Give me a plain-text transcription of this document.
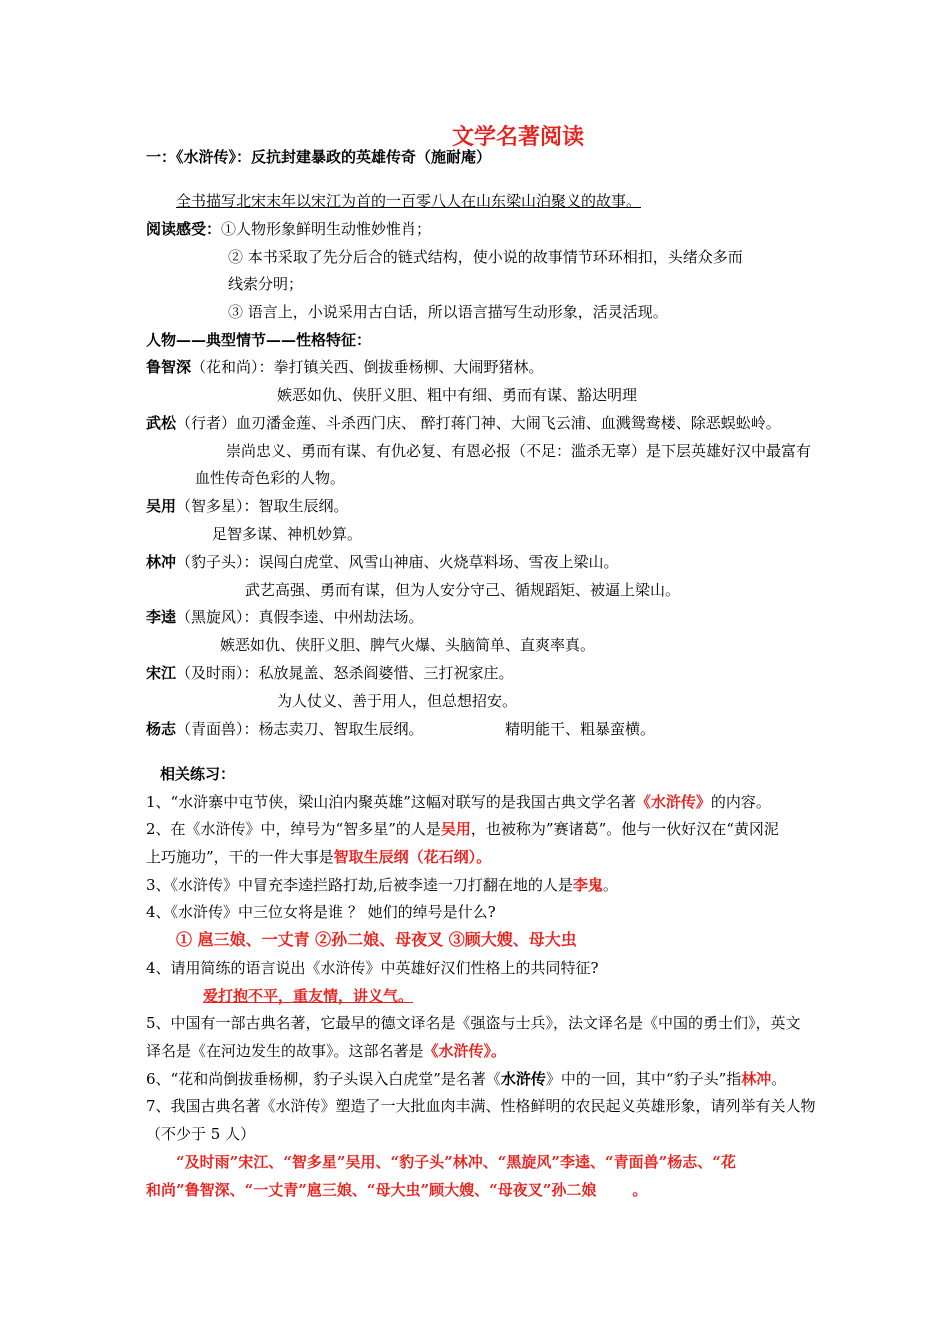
文学名著阅读
一：《水浒传》：反抗封建暴政的英雄传奇（施耐庵）
全书描写北宋末年以宋江为首的一百零八人在山东梁山泊聚义的故事。
阅读感受：①人物形象鲜明生动惟妙惟肖；
② 本书采取了先分后合的链式结构，使小说的故事情节环环相扣，头绪众多而
线索分明；
③ 语言上，小说采用古白话，所以语言描写生动形象，活灵活现。
人物——典型情节——性格特征：
鲁智深（花和尚）：拳打镇关西、倒拔垂杨柳、大闹野猪林。
嫉恶如仇、侠肝义胆、粗中有细、勇而有谋、豁达明理
武松（行者）血刃潘金莲、斗杀西门庆、 醉打蒋门神、大闹飞云浦、血溅鸳鸯楼、除恶蜈蚣岭。
崇尚忠义、勇而有谋、有仇必复、有恩必报（不足：滥杀无辜）是下层英雄好汉中最富有
血性传奇色彩的人物。
吴用（智多星）：智取生辰纲。
足智多谋、神机妙算。
林冲（豹子头）：误闯白虎堂、风雪山神庙、火烧草料场、雪夜上梁山。
武艺高强、勇而有谋，但为人安分守己、循规蹈矩、被逼上梁山。
李逵（黑旋风）：真假李逵、中州劫法场。
嫉恶如仇、侠肝义胆、脾气火爆、头脑简单、直爽率真。
宋江（及时雨）：私放晁盖、怒杀阎婆惜、三打祝家庄。
为人仗义、善于用人，但总想招安。
杨志（青面兽）：杨志卖刀、智取生辰纲。	精明能干、粗暴蛮横。
相关练习：
1、“水浒寨中屯节侠，梁山泊内聚英雄”这幅对联写的是我国古典文学名著《水浒传》的内容。
2、在《水浒传》中，绰号为“智多星”的人是吴用，也被称为”赛诸葛”。他与一伙好汉在“黄冈泥
上巧施功”，干的一件大事是智取生辰纲（花石纲）。
3、《水浒传》中冒充李逵拦路打劫,后被李逵一刀打翻在地的人是李鬼。
4、《水浒传》中三位女将是谁 ？ 她们的绰号是什么?
① 扈三娘、一丈青 ②孙二娘、母夜叉 ③顾大嫂、母大虫
4、请用简练的语言说出《水浒传》中英雄好汉们性格上的共同特征?
爱打抱不平，重友情，讲义气。
5、中国有一部古典名著，它最早的德文译名是《强盗与士兵》，法文译名是《中国的勇士们》，英文
译名是《在河边发生的故事》。这部名著是《水浒传》。
6、“花和尚倒拔垂杨柳，豹子头误入白虎堂”是名著《水浒传》中的一回，其中“豹子头”指林冲。
7、我国古典名著《水浒传》塑造了一大批血肉丰满、性格鲜明的农民起义英雄形象，请列举有关人物
（不少于 5 人）
“及时雨”宋江、“智多星”吴用、“豹子头”林冲、“黑旋风”李逵、“青面兽”杨志、“花
和尚”鲁智深、“一丈青”扈三娘、“母大虫”顾大嫂、“母夜叉”孙二娘 。
